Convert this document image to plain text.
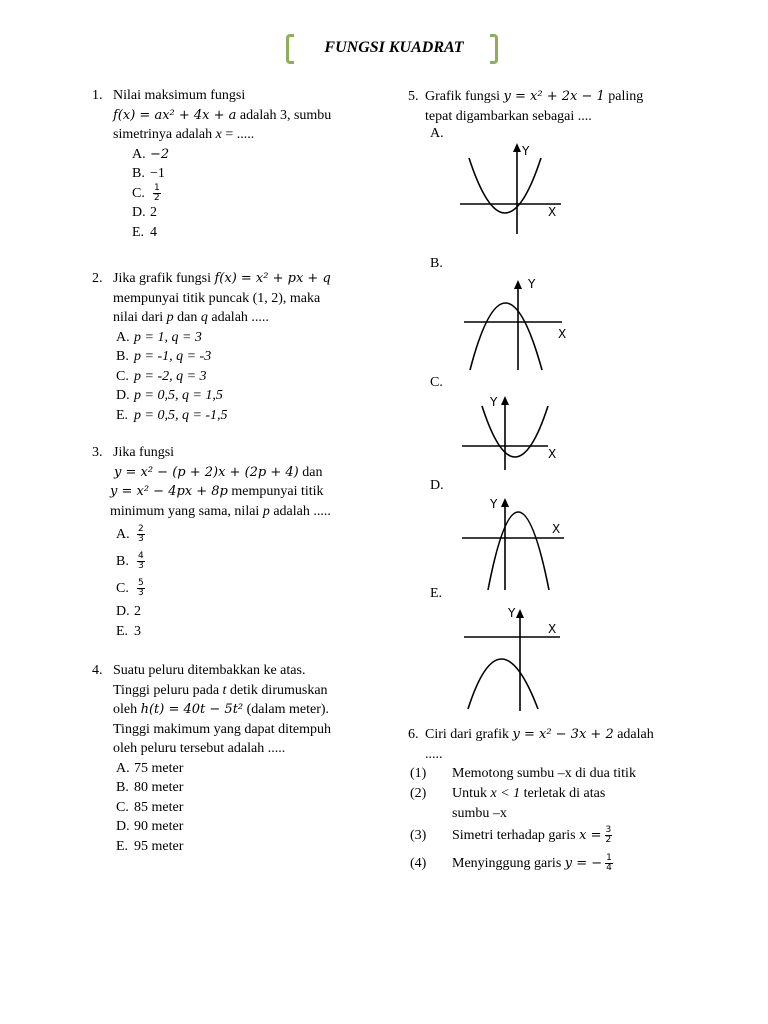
FUNGSI KUADRAT
1. Nilai maksimum fungsi
f(x) = ax² + 4x + a adalah 3, sumbu
simetrinya adalah x = .....
A. −2
B. −1
C. $\frac{1}{2}$
D. 2
E. 4
2. Jika grafik fungsi f(x) = x² + px + q
mempunyai titik puncak (1, 2), maka
nilai dari p dan q adalah .....
A. p = 1, q = 3
B. p = -1, q = -3
C. p = -2, q = 3
D. p = 0,5, q = 1,5
E. p = 0,5, q = -1,5
3. Jika fungsi
y = x² − (p + 2)x + (2p + 4) dan
y = x² − 4px + 8p mempunyai titik
minimum yang sama, nilai p adalah .....
A. $\frac{2}{3}$
B. $\frac{4}{3}$
C. $\frac{5}{3}$
D. 2
E. 3
4. Suatu peluru ditembakkan ke atas.
Tinggi peluru pada t detik dirumuskan
oleh h(t) = 40t − 5t² (dalam meter).
Tinggi makimum yang dapat ditempuh
oleh peluru tersebut adalah .....
A. 75 meter
B. 80 meter
C. 85 meter
D. 90 meter
E. 95 meter
5. Grafik fungsi y = x² + 2x − 1 paling
tepat digambarkan sebagai ....
A.
Y
X
B.
Y
X
C.
Y
X
D.
Y
X
E.
Y
X
6. Ciri dari grafik y = x² − 3x + 2 adalah
.....
(1) Memotong sumbu –x di dua titik
(2) Untuk x < 1 terletak di atas
sumbu –x
(3) Simetri terhadap garis $x = \frac{3}{2}$
(4) Menyinggung garis y = − $\frac{1}{4}$
